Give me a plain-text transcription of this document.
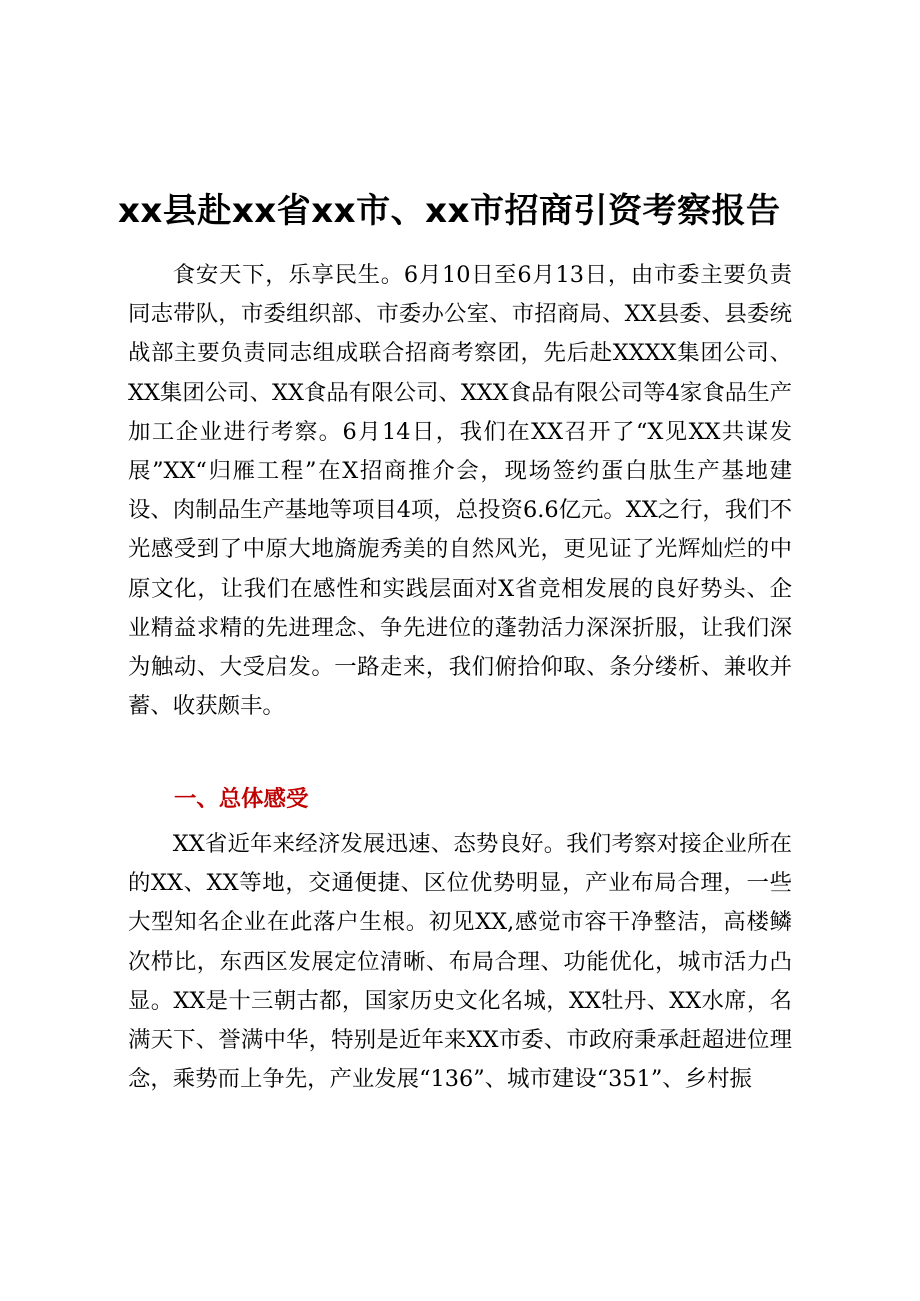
xx县赴xx省xx市、xx市招商引资考察报告

食安天下，乐享民生。6月10日至6月13日，由市委主要负责同志带队，市委组织部、市委办公室、市招商局、XX县委、县委统战部主要负责同志组成联合招商考察团，先后赴XXXX集团公司、XX集团公司、XX食品有限公司、XXX食品有限公司等4家食品生产加工企业进行考察。6月14日，我们在XX召开了“X见XX共谋发展”XX“归雁工程”在X招商推介会，现场签约蛋白肽生产基地建设、肉制品生产基地等项目4项，总投资6.6亿元。XX之行，我们不光感受到了中原大地旖旎秀美的自然风光，更见证了光辉灿烂的中原文化，让我们在感性和实践层面对X省竞相发展的良好势头、企业精益求精的先进理念、争先进位的蓬勃活力深深折服，让我们深为触动、大受启发。一路走来，我们俯拾仰取、条分缕析、兼收并蓄、收获颇丰。

一、总体感受

XX省近年来经济发展迅速、态势良好。我们考察对接企业所在的XX、XX等地，交通便捷、区位优势明显，产业布局合理，一些大型知名企业在此落户生根。初见XX,感觉市容干净整洁，高楼鳞次栉比，东西区发展定位清晰、布局合理、功能优化，城市活力凸显。XX是十三朝古都，国家历史文化名城，XX牡丹、XX水席，名满天下、誉满中华，特别是近年来XX市委、市政府秉承赶超进位理念，乘势而上争先，产业发展“136”、城市建设“351”、乡村振
